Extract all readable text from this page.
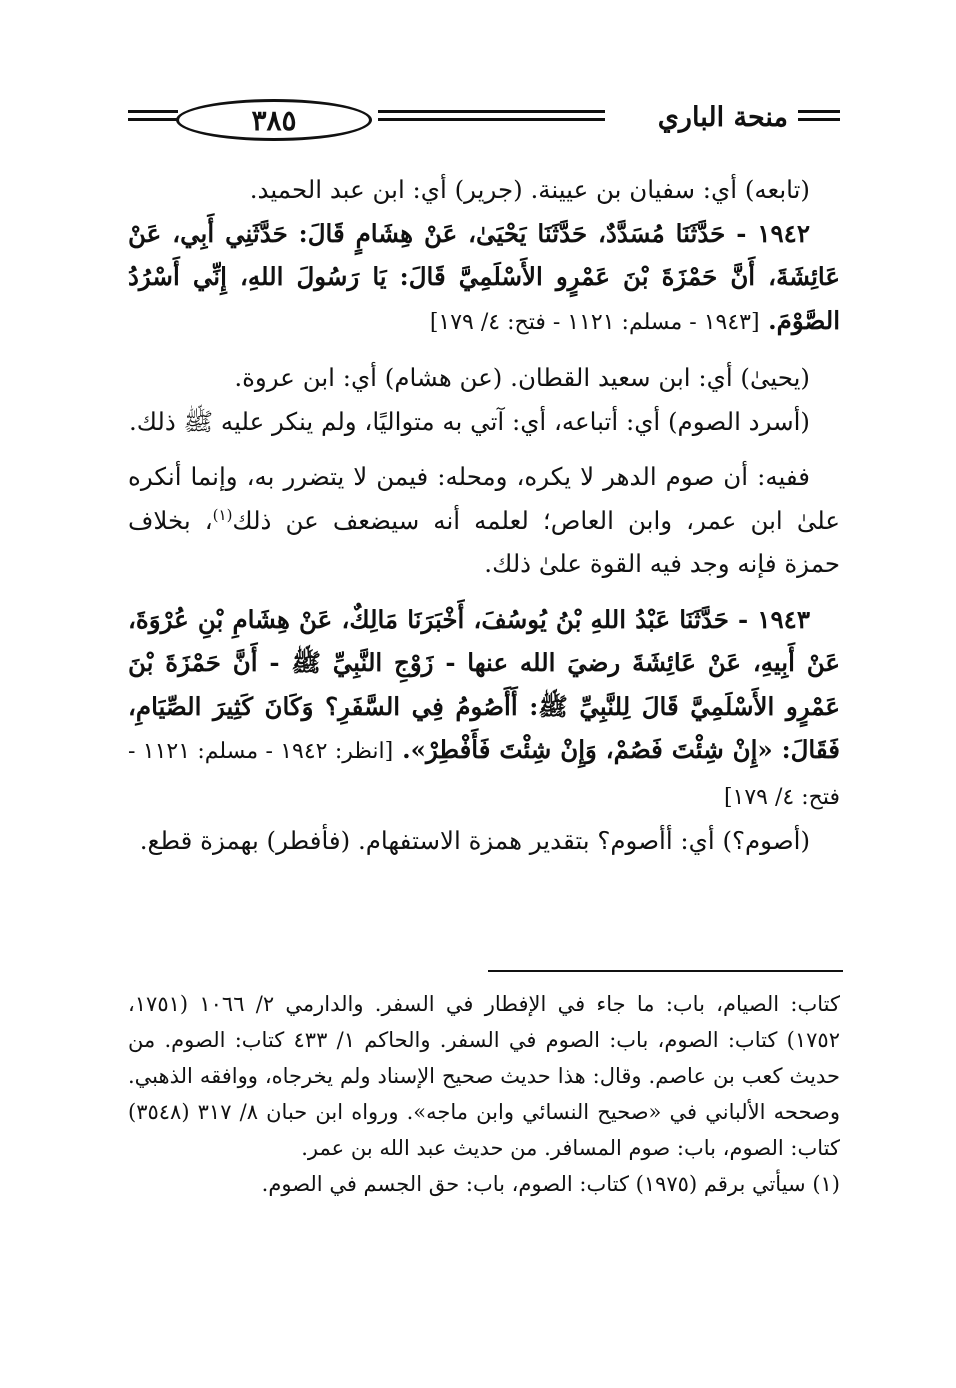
منحة الباري
٣٨٥

(تابعه) أي: سفيان بن عيينة. (جرير) أي: ابن عبد الحميد.

١٩٤٢ - حَدَّثَنَا مُسَدَّدٌ، حَدَّثَنَا يَحْيَىٰ، عَنْ هِشَامٍ قَالَ: حَدَّثَنِي أَبِي، عَنْ عَائِشَةَ، أَنَّ حَمْزَةَ بْنَ عَمْرٍو الأَسْلَمِيَّ قَالَ: يَا رَسُولَ اللهِ، إِنِّي أَسْرُدُ الصَّوْمَ. [١٩٤٣ - مسلم: ١١٢١ - فتح: ٤/ ١٧٩]

(يحيىٰ) أي: ابن سعيد القطان. (عن هشام) أي: ابن عروة.

(أسرد الصوم) أي: أتباعه، أي: آتي به متواليًا، ولم ينكر عليه ﷺ ذلك.

ففيه: أن صوم الدهر لا يكره، ومحله: فيمن لا يتضرر به، وإنما أنكره علىٰ ابن عمر، وابن العاص؛ لعلمه أنه سيضعف عن ذلك$^{(١)}$، بخلاف حمزة فإنه وجد فيه القوة علىٰ ذلك.

١٩٤٣ - حَدَّثَنَا عَبْدُ اللهِ بْنُ يُوسُفَ، أَخْبَرَنَا مَالِكٌ، عَنْ هِشَامِ بْنِ عُرْوَةَ، عَنْ أَبِيهِ، عَنْ عَائِشَةَ رضيَ الله عنها - زَوْجِ النَّبِيِّ ﷺ - أَنَّ حَمْزَةَ بْنَ عَمْرٍو الأَسْلَمِيَّ قَالَ لِلنَّبِيِّ ﷺ: أَأَصُومُ فِي السَّفَرِ؟ وَكَانَ كَثِيرَ الصِّيَامِ، فَقَالَ: «إِنْ شِئْتَ فَصُمْ، وَإِنْ شِئْتَ فَأَفْطِرْ». [انظر: ١٩٤٢ - مسلم: ١١٢١ - فتح: ٤/ ١٧٩]

(أصوم؟) أي: أأصوم؟ بتقدير همزة الاستفهام. (فأفطر) بهمزة قطع.

كتاب: الصيام، باب: ما جاء في الإفطار في السفر. والدارمي ٢/ ١٠٦٦ (١٧٥١، ١٧٥٢) كتاب: الصوم، باب: الصوم في السفر. والحاكم ١/ ٤٣٣ كتاب: الصوم. من حديث كعب بن عاصم. وقال: هذا حديث صحيح الإسناد ولم يخرجاه، ووافقه الذهبي. وصححه الألباني في «صحيح النسائي وابن ماجه». ورواه ابن حبان ٨/ ٣١٧ (٣٥٤٨) كتاب: الصوم، باب: صوم المسافر. من حديث عبد الله بن عمر.

(١) سيأتي برقم (١٩٧٥) كتاب: الصوم، باب: حق الجسم في الصوم.
